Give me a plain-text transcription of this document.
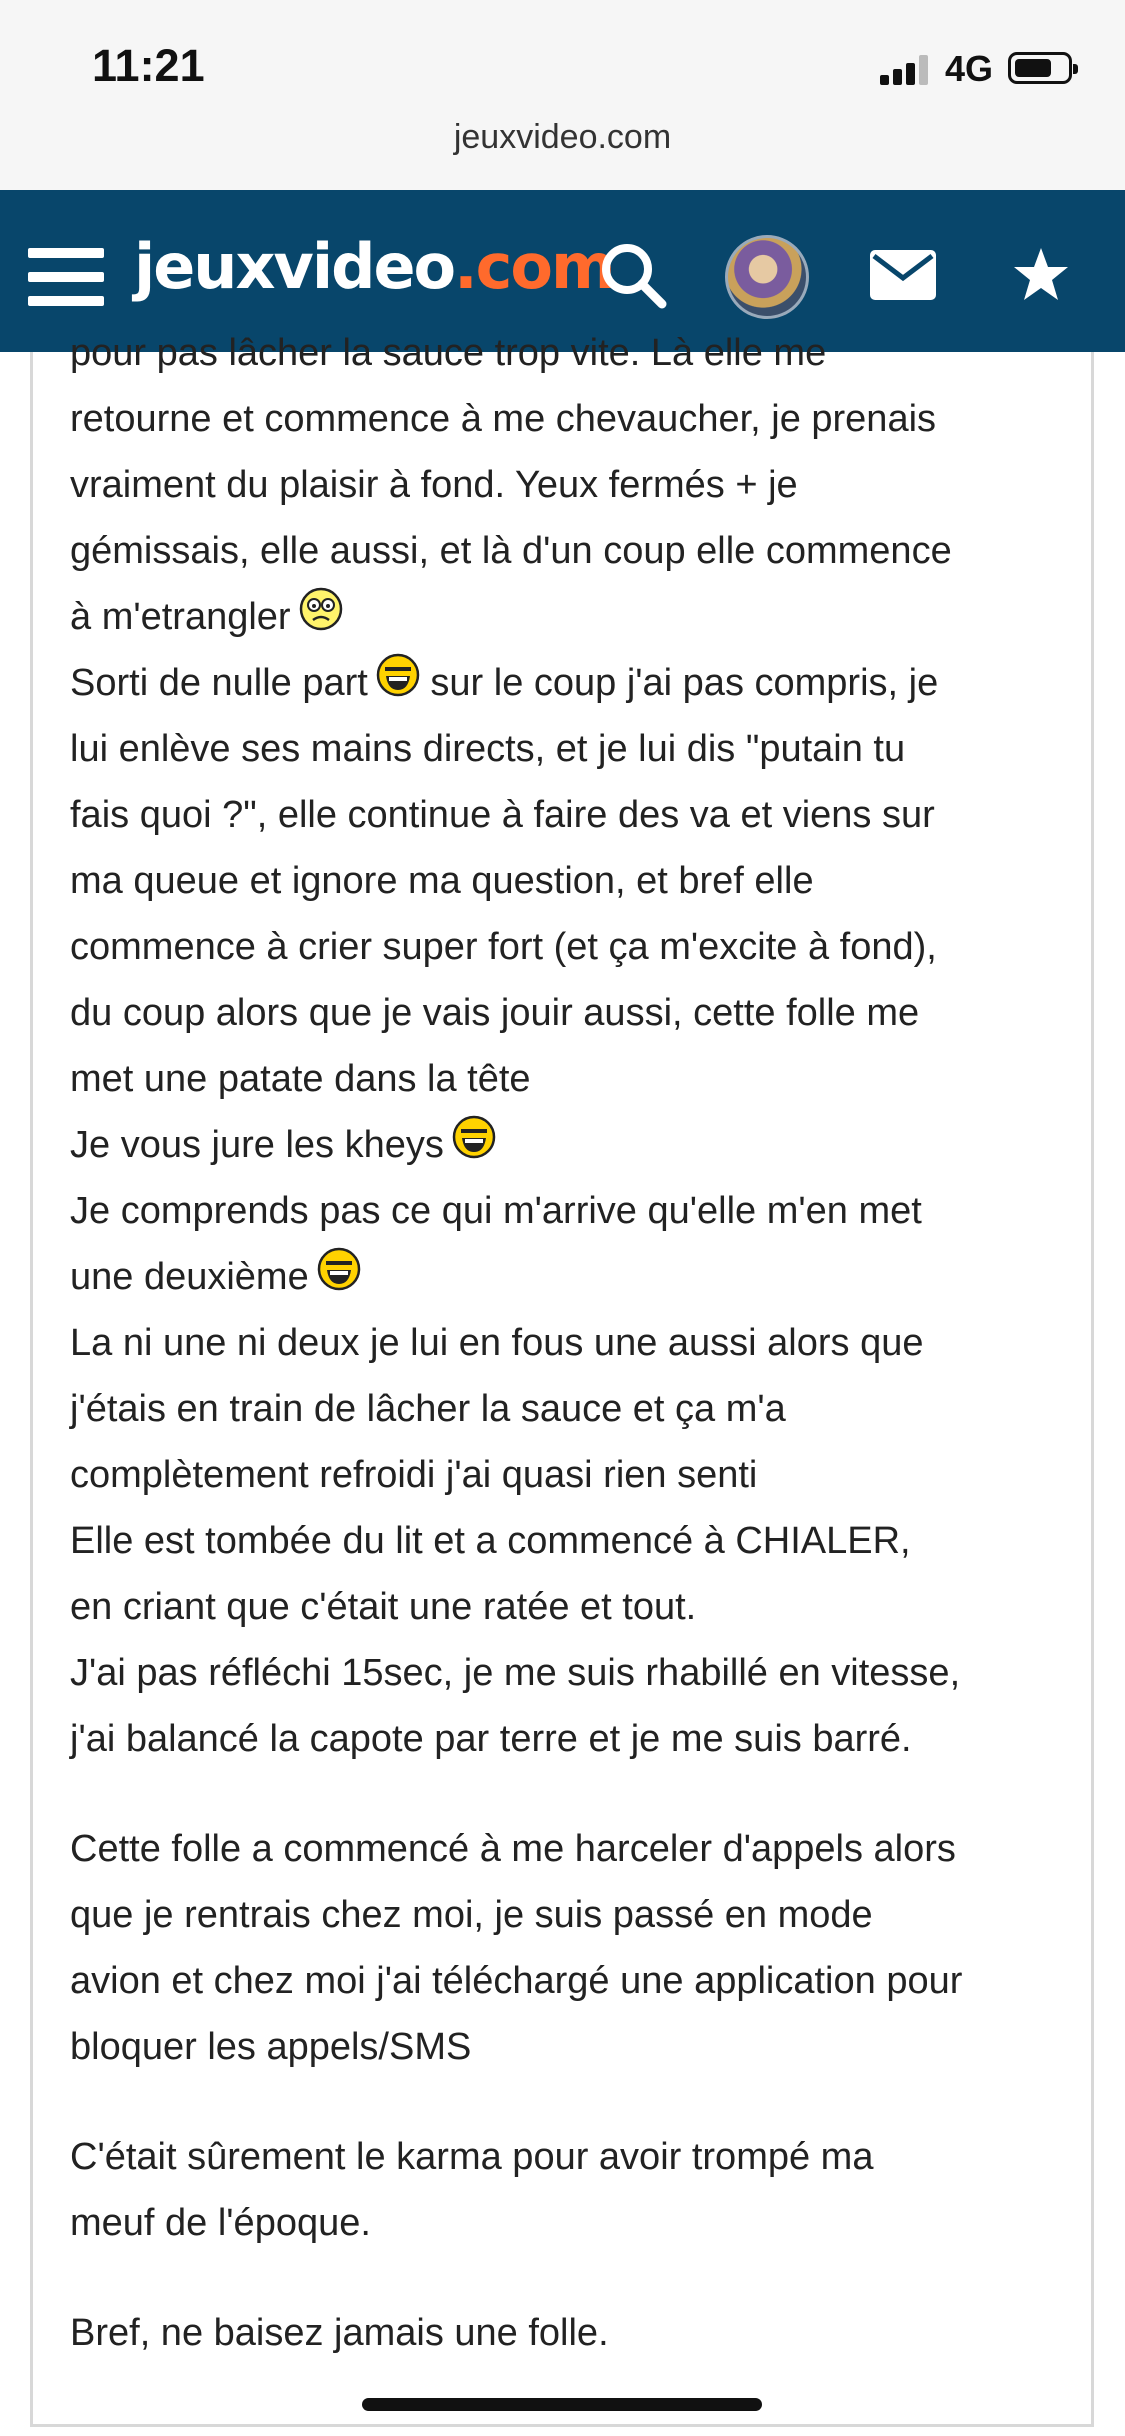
11:21	4G
jeuxvideo.com
jeuxvideo.com

pour pas lâcher la sauce trop vite. Là elle me

retourne et commence à me chevaucher, je prenais

vraiment du plaisir à fond. Yeux fermés + je

gémissais, elle aussi, et là d'un coup elle commence

à m'etrangler

Sorti de nulle part sur le coup j'ai pas compris, je

lui enlève ses mains directs, et je lui dis "putain tu

fais quoi ?", elle continue à faire des va et viens sur

ma queue et ignore ma question, et bref elle

commence à crier super fort (et ça m'excite à fond),

du coup alors que je vais jouir aussi, cette folle me

met une patate dans la tête

Je vous jure les kheys

Je comprends pas ce qui m'arrive qu'elle m'en met

une deuxième

La ni une ni deux je lui en fous une aussi alors que

j'étais en train de lâcher la sauce et ça m'a

complètement refroidi j'ai quasi rien senti

Elle est tombée du lit et a commencé à CHIALER,

en criant que c'était une ratée et tout.

J'ai pas réfléchi 15sec, je me suis rhabillé en vitesse,

j'ai balancé la capote par terre et je me suis barré.

Cette folle a commencé à me harceler d'appels alors

que je rentrais chez moi, je suis passé en mode

avion et chez moi j'ai téléchargé une application pour

bloquer les appels/SMS

C'était sûrement le karma pour avoir trompé ma

meuf de l'époque.

Bref, ne baisez jamais une folle.
